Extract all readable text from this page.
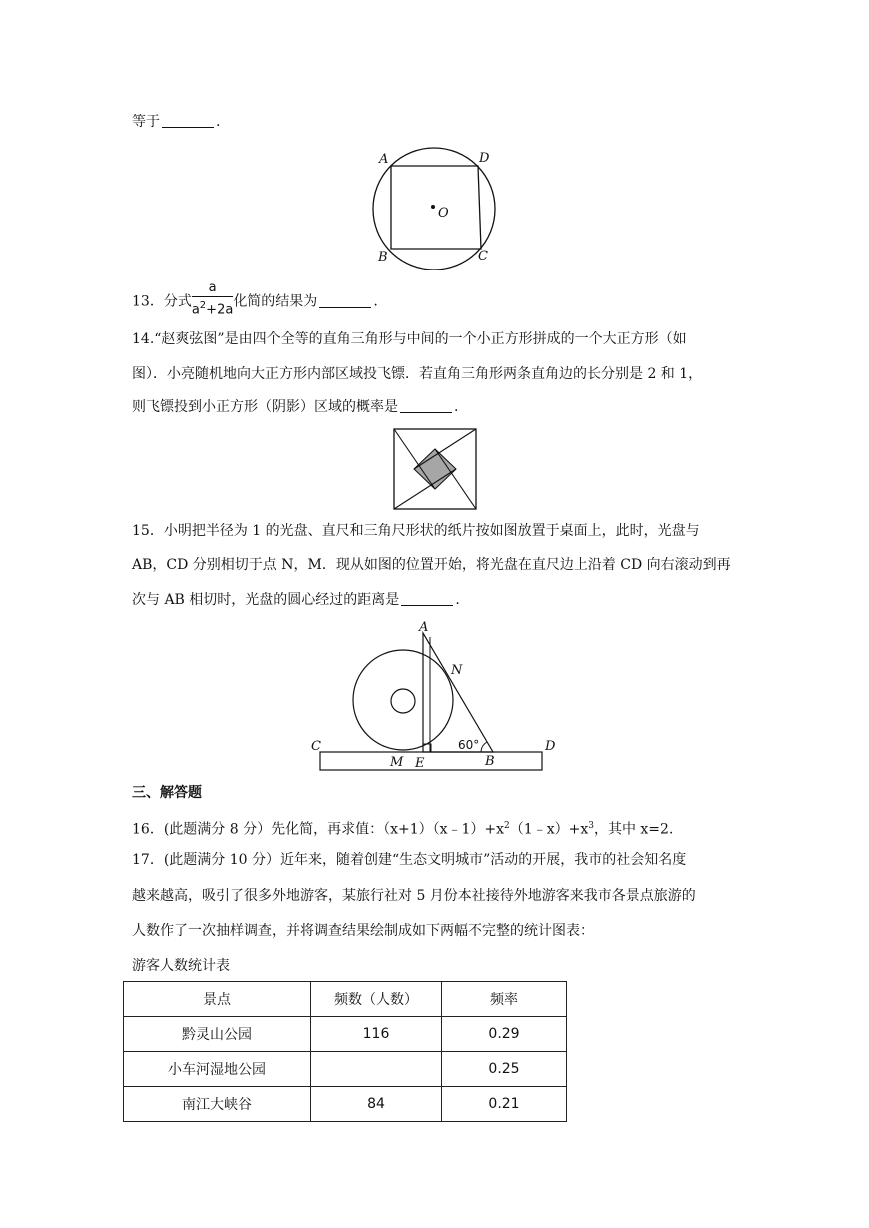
等于	.
A	D
B	C
O
13．分式 $\frac{a}{a^2+2a}$ 化简的结果为	.
14.“赵爽弦图”是由四个全等的直角三角形与中间的一个小正方形拼成的一个大正方形（如
图）．小亮随机地向大正方形内部区域投飞镖．若直角三角形两条直角边的长分别是 2 和 1，
则飞镖投到小正方形（阴影）区域的概率是	.
15．小明把半径为 1 的光盘、直尺和三角尺形状的纸片按如图放置于桌面上，此时，光盘与
AB，CD 分别相切于点 N，M．现从如图的位置开始，将光盘在直尺边上沿着 CD 向右滚动到再
次与 AB 相切时，光盘的圆心经过的距离是	.
A
N
C	D
M E	B
60°
三、解答题
16．(此题满分 8 分）先化简，再求值：$(x+1)(x﹣1)+x^2(1﹣x)+x^3$，其中 x=2.
17．(此题满分 10 分）近年来，随着创建“生态文明城市”活动的开展，我市的社会知名度
越来越高，吸引了很多外地游客，某旅行社对 5 月份本社接待外地游客来我市各景点旅游的
人数作了一次抽样调查，并将调查结果绘制成如下两幅不完整的统计图表：
游客人数统计表
景点	频数（人数）	频率
黔灵山公园	116	0.29
小车河湿地公园		0.25
南江大峡谷	84	0.21
